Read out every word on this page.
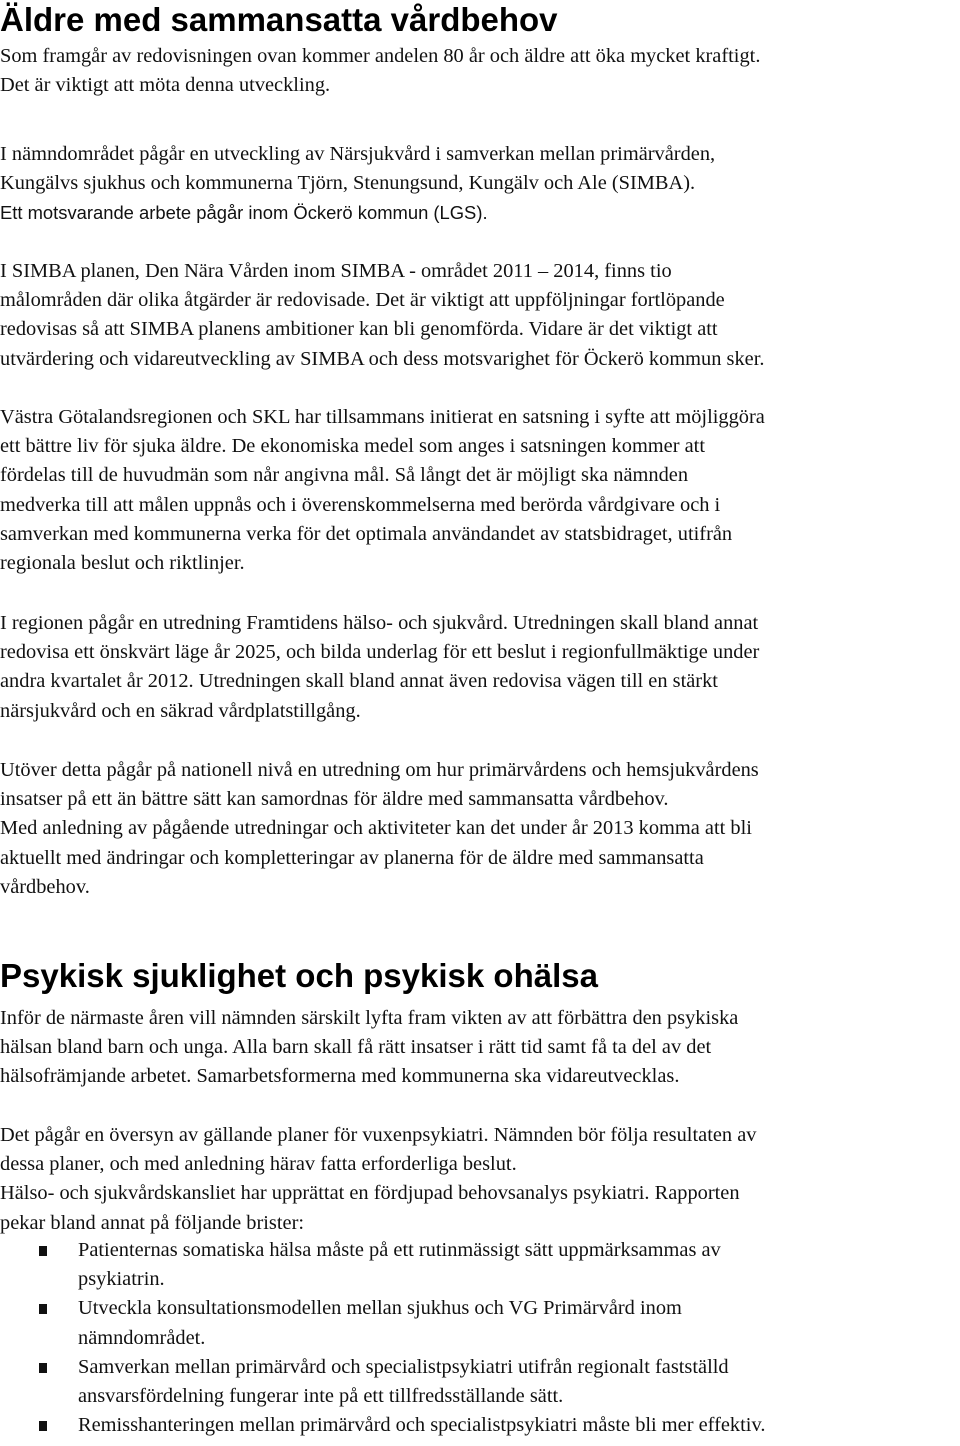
Äldre med sammansatta vårdbehov

Som framgår av redovisningen ovan kommer andelen 80 år och äldre att öka mycket kraftigt.
Det är viktigt att möta denna utveckling.

I nämndområdet pågår en utveckling av Närsjukvård i samverkan mellan primärvården,
Kungälvs sjukhus och kommunerna Tjörn, Stenungsund, Kungälv och Ale (SIMBA).
Ett motsvarande arbete pågår inom Öckerö kommun (LGS).

I SIMBA planen, Den Nära Vården inom SIMBA - området 2011 – 2014, finns tio
målområden där olika åtgärder är redovisade. Det är viktigt att uppföljningar fortlöpande
redovisas så att SIMBA planens ambitioner kan bli genomförda. Vidare är det viktigt att
utvärdering och vidareutveckling av SIMBA och dess motsvarighet för Öckerö kommun sker.

Västra Götalandsregionen och SKL har tillsammans initierat en satsning i syfte att möjliggöra
ett bättre liv för sjuka äldre. De ekonomiska medel som anges i satsningen kommer att
fördelas till de huvudmän som når angivna mål. Så långt det är möjligt ska nämnden
medverka till att målen uppnås och i överenskommelserna med berörda vårdgivare och i
samverkan med kommunerna verka för det optimala användandet av statsbidraget, utifrån
regionala beslut och riktlinjer.

I regionen pågår en utredning Framtidens hälso- och sjukvård. Utredningen skall bland annat
redovisa ett önskvärt läge år 2025, och bilda underlag för ett beslut i regionfullmäktige under
andra kvartalet år 2012. Utredningen skall bland annat även redovisa vägen till en stärkt
närsjukvård och en säkrad vårdplatstillgång.

Utöver detta pågår på nationell nivå en utredning om hur primärvårdens och hemsjukvårdens
insatser på ett än bättre sätt kan samordnas för äldre med sammansatta vårdbehov.
Med anledning av pågående utredningar och aktiviteter kan det under år 2013 komma att bli
aktuellt med ändringar och kompletteringar av planerna för de äldre med sammansatta
vårdbehov.

Psykisk sjuklighet och psykisk ohälsa

Inför de närmaste åren vill nämnden särskilt lyfta fram vikten av att förbättra den psykiska
hälsan bland barn och unga. Alla barn skall få rätt insatser i rätt tid samt få ta del av det
hälsofrämjande arbetet. Samarbetsformerna med kommunerna ska vidareutvecklas.

Det pågår en översyn av gällande planer för vuxenpsykiatri. Nämnden bör följa resultaten av
dessa planer, och med anledning härav fatta erforderliga beslut.
Hälso- och sjukvårdskansliet har upprättat en fördjupad behovsanalys psykiatri. Rapporten
pekar bland annat på följande brister:

Patienternas somatiska hälsa måste på ett rutinmässigt sätt uppmärksammas av
psykiatrin.
Utveckla konsultationsmodellen mellan sjukhus och VG Primärvård inom
nämndområdet.
Samverkan mellan primärvård och specialistpsykiatri utifrån regionalt fastställd
ansvarsfördelning fungerar inte på ett tillfredsställande sätt.
Remisshanteringen mellan primärvård och specialistpsykiatri måste bli mer effektiv.
